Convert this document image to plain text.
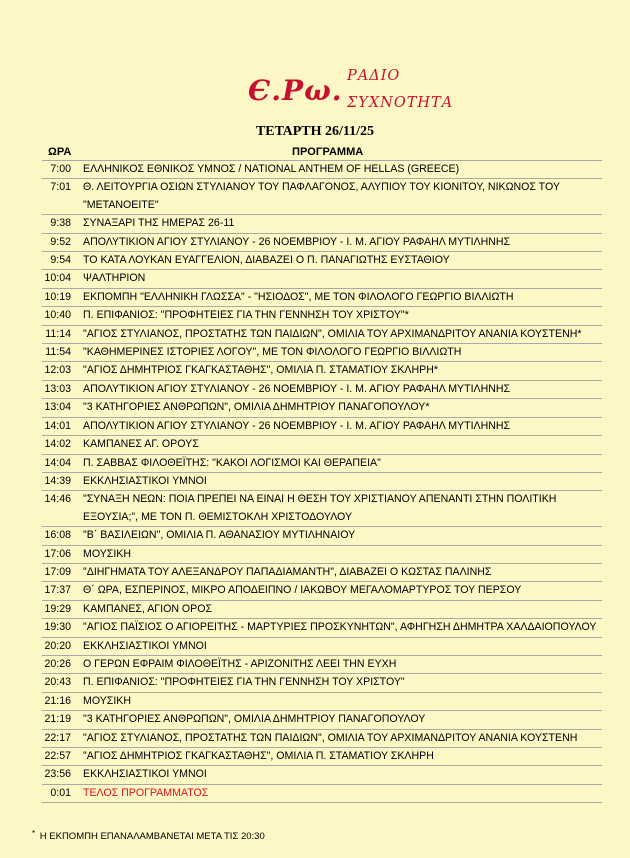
Є.Ρω. ΡΑΔΙΟ
ΣΥΧΝΟΤΗΤΑ
ΤΕΤΑΡΤΗ 26/11/25
ΩΡΑ	ΠΡΟΓΡΑΜΜΑ
7:00	ΕΛΛΗΝΙΚΟΣ ΕΘΝΙΚΟΣ ΥΜΝΟΣ / NATIONAL ANTHEM OF HELLAS (GREECE)
7:01	Θ. ΛΕΙΤΟΥΡΓΙΑ ΟΣΙΩΝ ΣΤΥΛΙΑΝΟΥ ΤΟΥ ΠΑΦΛΑΓΟΝΟΣ, ΑΛΥΠΙΟΥ ΤΟΥ ΚΙΟΝΙΤΟΥ, ΝΙΚΩΝΟΣ ΤΟΥ "ΜΕΤΑΝΟΕΙΤΕ"
9:38	ΣΥΝΑΞΑΡΙ ΤΗΣ ΗΜΕΡΑΣ 26-11
9:52	ΑΠΟΛΥΤΙΚΙΟΝ ΑΓΙΟΥ ΣΤΥΛΙΑΝΟΥ - 26 ΝΟΕΜΒΡΙΟΥ - Ι. Μ. ΑΓΙΟΥ ΡΑΦΑΗΛ ΜΥΤΙΛΗΝΗΣ
9:54	ΤΟ ΚΑΤΑ ΛΟΥΚΑΝ ΕΥΑΓΓΕΛΙΟΝ, ΔΙΑΒΑΖΕΙ Ο Π. ΠΑΝΑΓΙΩΤΗΣ ΕΥΣΤΑΘΙΟΥ
10:04	ΨΑΛΤΗΡΙΟΝ
10:19	ΕΚΠΟΜΠΗ "ΕΛΛΗΝΙΚΗ ΓΛΩΣΣΑ" - "ΗΣΙΟΔΟΣ", ΜΕ ΤΟΝ ΦΙΛΟΛΟΓΟ ΓΕΩΡΓΙΟ ΒΙΛΛΙΩΤΗ
10:40	Π. ΕΠΙΦΑΝΙΟΣ: "ΠΡΟΦΗΤΕΙΕΣ ΓΙΑ ΤΗΝ ΓΕΝΝΗΣΗ ΤΟΥ ΧΡΙΣΤΟΥ"*
11:14	"ΑΓΙΟΣ ΣΤΥΛΙΑΝΟΣ, ΠΡΟΣΤΑΤΗΣ ΤΩΝ ΠΑΙΔΙΩΝ", ΟΜΙΛΙΑ ΤΟΥ ΑΡΧΙΜΑΝΔΡΙΤΟΥ ΑΝΑΝΙΑ ΚΟΥΣΤΕΝΗ*
11:54	"ΚΑΘΗΜΕΡΙΝΕΣ ΙΣΤΟΡΙΕΣ ΛΟΓΟΥ", ΜΕ ΤΟΝ ΦΙΛΟΛΟΓΟ ΓΕΩΡΓΙΟ ΒΙΛΛΙΩΤΗ
12:03	"ΑΓΙΟΣ ΔΗΜΗΤΡΙΟΣ ΓΚΑΓΚΑΣΤΑΘΗΣ", ΟΜΙΛΙΑ Π. ΣΤΑΜΑΤΙΟΥ ΣΚΛΗΡΗ*
13:03	ΑΠΟΛΥΤΙΚΙΟΝ ΑΓΙΟΥ ΣΤΥΛΙΑΝΟΥ - 26 ΝΟΕΜΒΡΙΟΥ - Ι. Μ. ΑΓΙΟΥ ΡΑΦΑΗΛ ΜΥΤΙΛΗΝΗΣ
13:04	"3 ΚΑΤΗΓΟΡΙΕΣ ΑΝΘΡΩΠΩΝ", ΟΜΙΛΙΑ ΔΗΜΗΤΡΙΟΥ ΠΑΝΑΓΟΠΟΥΛΟΥ*
14:01	ΑΠΟΛΥΤΙΚΙΟΝ ΑΓΙΟΥ ΣΤΥΛΙΑΝΟΥ - 26 ΝΟΕΜΒΡΙΟΥ - Ι. Μ. ΑΓΙΟΥ ΡΑΦΑΗΛ ΜΥΤΙΛΗΝΗΣ
14:02	ΚΑΜΠΑΝΕΣ ΑΓ. ΟΡΟΥΣ
14:04	Π. ΣΑΒΒΑΣ ΦΙΛΟΘΕΪΤΗΣ: "ΚΑΚΟΙ ΛΟΓΙΣΜΟΙ ΚΑΙ ΘΕΡΑΠΕΙΑ"
14:39	ΕΚΚΛΗΣΙΑΣΤΙΚΟΙ ΥΜΝΟΙ
14:46	"ΣΥΝΑΞΗ ΝΕΩΝ: ΠΟΙΑ ΠΡΕΠΕΙ ΝΑ ΕΙΝΑΙ Η ΘΕΣΗ ΤΟΥ ΧΡΙΣΤΙΑΝΟΥ ΑΠΕΝΑΝΤΙ ΣΤΗΝ ΠΟΛΙΤΙΚΗ ΕΞΟΥΣΙΑ;", ΜΕ ΤΟΝ Π. ΘΕΜΙΣΤΟΚΛΗ ΧΡΙΣΤΟΔΟΥΛΟΥ
16:08	"Β΄ ΒΑΣΙΛΕΙΩΝ", ΟΜΙΛΙΑ Π. ΑΘΑΝΑΣΙΟΥ ΜΥΤΙΛΗΝΑΙΟΥ
17:06	ΜΟΥΣΙΚΗ
17:09	"ΔΙΗΓΗΜΑΤΑ ΤΟΥ ΑΛΕΞΑΝΔΡΟΥ ΠΑΠΑΔΙΑΜΑΝΤΗ", ΔΙΑΒΑΖΕΙ Ο ΚΩΣΤΑΣ ΠΑΛΙΝΗΣ
17:37	Θ΄ ΩΡΑ, ΕΣΠΕΡΙΝΟΣ, ΜΙΚΡΟ ΑΠΟΔΕΙΠΝΟ / ΙΑΚΩΒΟΥ ΜΕΓΑΛΟΜΑΡΤΥΡΟΣ ΤΟΥ ΠΕΡΣΟΥ
19:29	ΚΑΜΠΑΝΕΣ, ΑΓΙΟΝ ΟΡΟΣ
19:30	"ΑΓΙΟΣ ΠΑΪΣΙΟΣ Ο ΑΓΙΟΡΕΙΤΗΣ - ΜΑΡΤΥΡΙΕΣ ΠΡΟΣΚΥΝΗΤΩΝ", ΑΦΗΓΗΣΗ ΔΗΜΗΤΡΑ ΧΑΛΔΑΙΟΠΟΥΛΟΥ
20:20	ΕΚΚΛΗΣΙΑΣΤΙΚΟΙ ΥΜΝΟΙ
20:26	Ο ΓΕΡΩΝ ΕΦΡΑΙΜ ΦΙΛΟΘΕΪΤΗΣ - ΑΡΙΖΟΝΙΤΗΣ ΛΕΕΙ ΤΗΝ ΕΥΧΗ
20:43	Π. ΕΠΙΦΑΝΙΟΣ: "ΠΡΟΦΗΤΕΙΕΣ ΓΙΑ ΤΗΝ ΓΕΝΝΗΣΗ ΤΟΥ ΧΡΙΣΤΟΥ"
21:16	ΜΟΥΣΙΚΗ
21:19	"3 ΚΑΤΗΓΟΡΙΕΣ ΑΝΘΡΩΠΩΝ", ΟΜΙΛΙΑ ΔΗΜΗΤΡΙΟΥ ΠΑΝΑΓΟΠΟΥΛΟΥ
22:17	"ΑΓΙΟΣ ΣΤΥΛΙΑΝΟΣ, ΠΡΟΣΤΑΤΗΣ ΤΩΝ ΠΑΙΔΙΩΝ", ΟΜΙΛΙΑ ΤΟΥ ΑΡΧΙΜΑΝΔΡΙΤΟΥ ΑΝΑΝΙΑ ΚΟΥΣΤΕΝΗ
22:57	"ΑΓΙΟΣ ΔΗΜΗΤΡΙΟΣ ΓΚΑΓΚΑΣΤΑΘΗΣ", ΟΜΙΛΙΑ Π. ΣΤΑΜΑΤΙΟΥ ΣΚΛΗΡΗ
23:56	ΕΚΚΛΗΣΙΑΣΤΙΚΟΙ ΥΜΝΟΙ
0:01	ΤΕΛΟΣ ΠΡΟΓΡΑΜΜΑΤΟΣ
* Η ΕΚΠΟΜΠΗ ΕΠΑΝΑΛΑΜΒΑΝΕΤΑΙ ΜΕΤΑ ΤΙΣ 20:30
